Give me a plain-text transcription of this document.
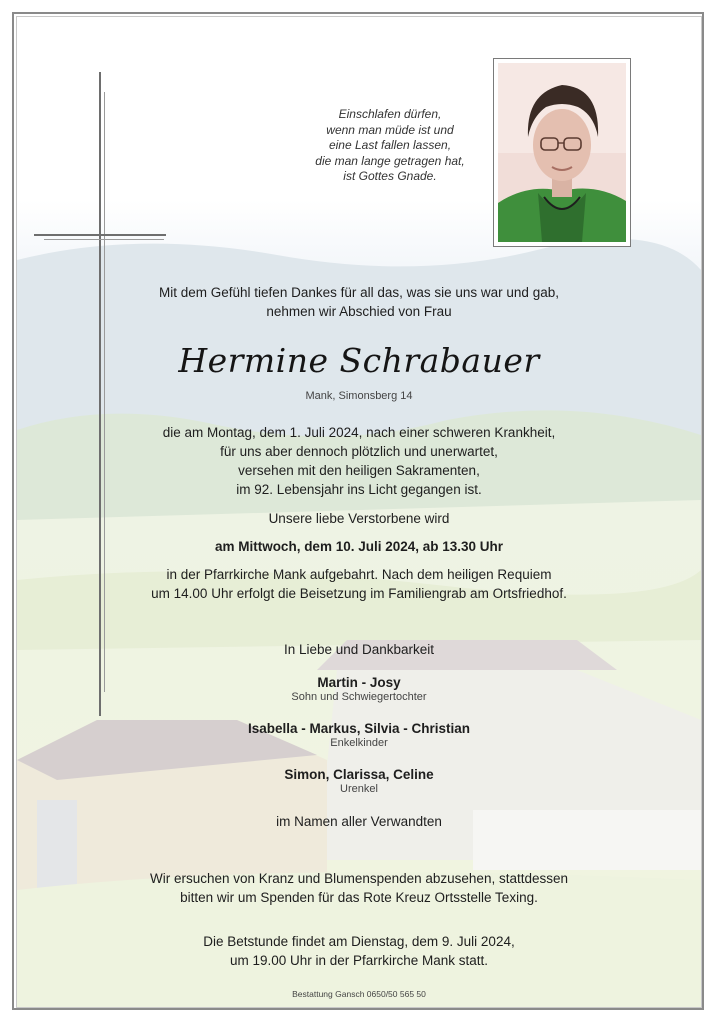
Einschlafen dürfen,
wenn man müde ist und
eine Last fallen lassen,
die man lange getragen hat,
ist Gottes Gnade.
Mit dem Gefühl tiefen Dankes für all das, was sie uns war und gab,
nehmen wir Abschied von Frau
Hermine Schrabauer
Mank, Simonsberg 14
die am Montag, dem 1. Juli 2024, nach einer schweren Krankheit,
für uns aber dennoch plötzlich und unerwartet,
versehen mit den heiligen Sakramenten,
im 92. Lebensjahr ins Licht gegangen ist.
Unsere liebe Verstorbene wird
am Mittwoch, dem 10. Juli 2024, ab 13.30 Uhr
in der Pfarrkirche Mank aufgebahrt. Nach dem heiligen Requiem
um 14.00 Uhr erfolgt die Beisetzung im Familiengrab am Ortsfriedhof.
In Liebe und Dankbarkeit
Martin - Josy
Sohn und Schwiegertochter
Isabella - Markus, Silvia - Christian
Enkelkinder
Simon, Clarissa, Celine
Urenkel
im Namen aller Verwandten
Wir ersuchen von Kranz und Blumenspenden abzusehen, stattdessen
bitten wir um Spenden für das Rote Kreuz Ortsstelle Texing.
Die Betstunde findet am Dienstag, dem 9. Juli 2024,
um 19.00 Uhr in der Pfarrkirche Mank statt.
Bestattung Gansch 0650/50 565 50
